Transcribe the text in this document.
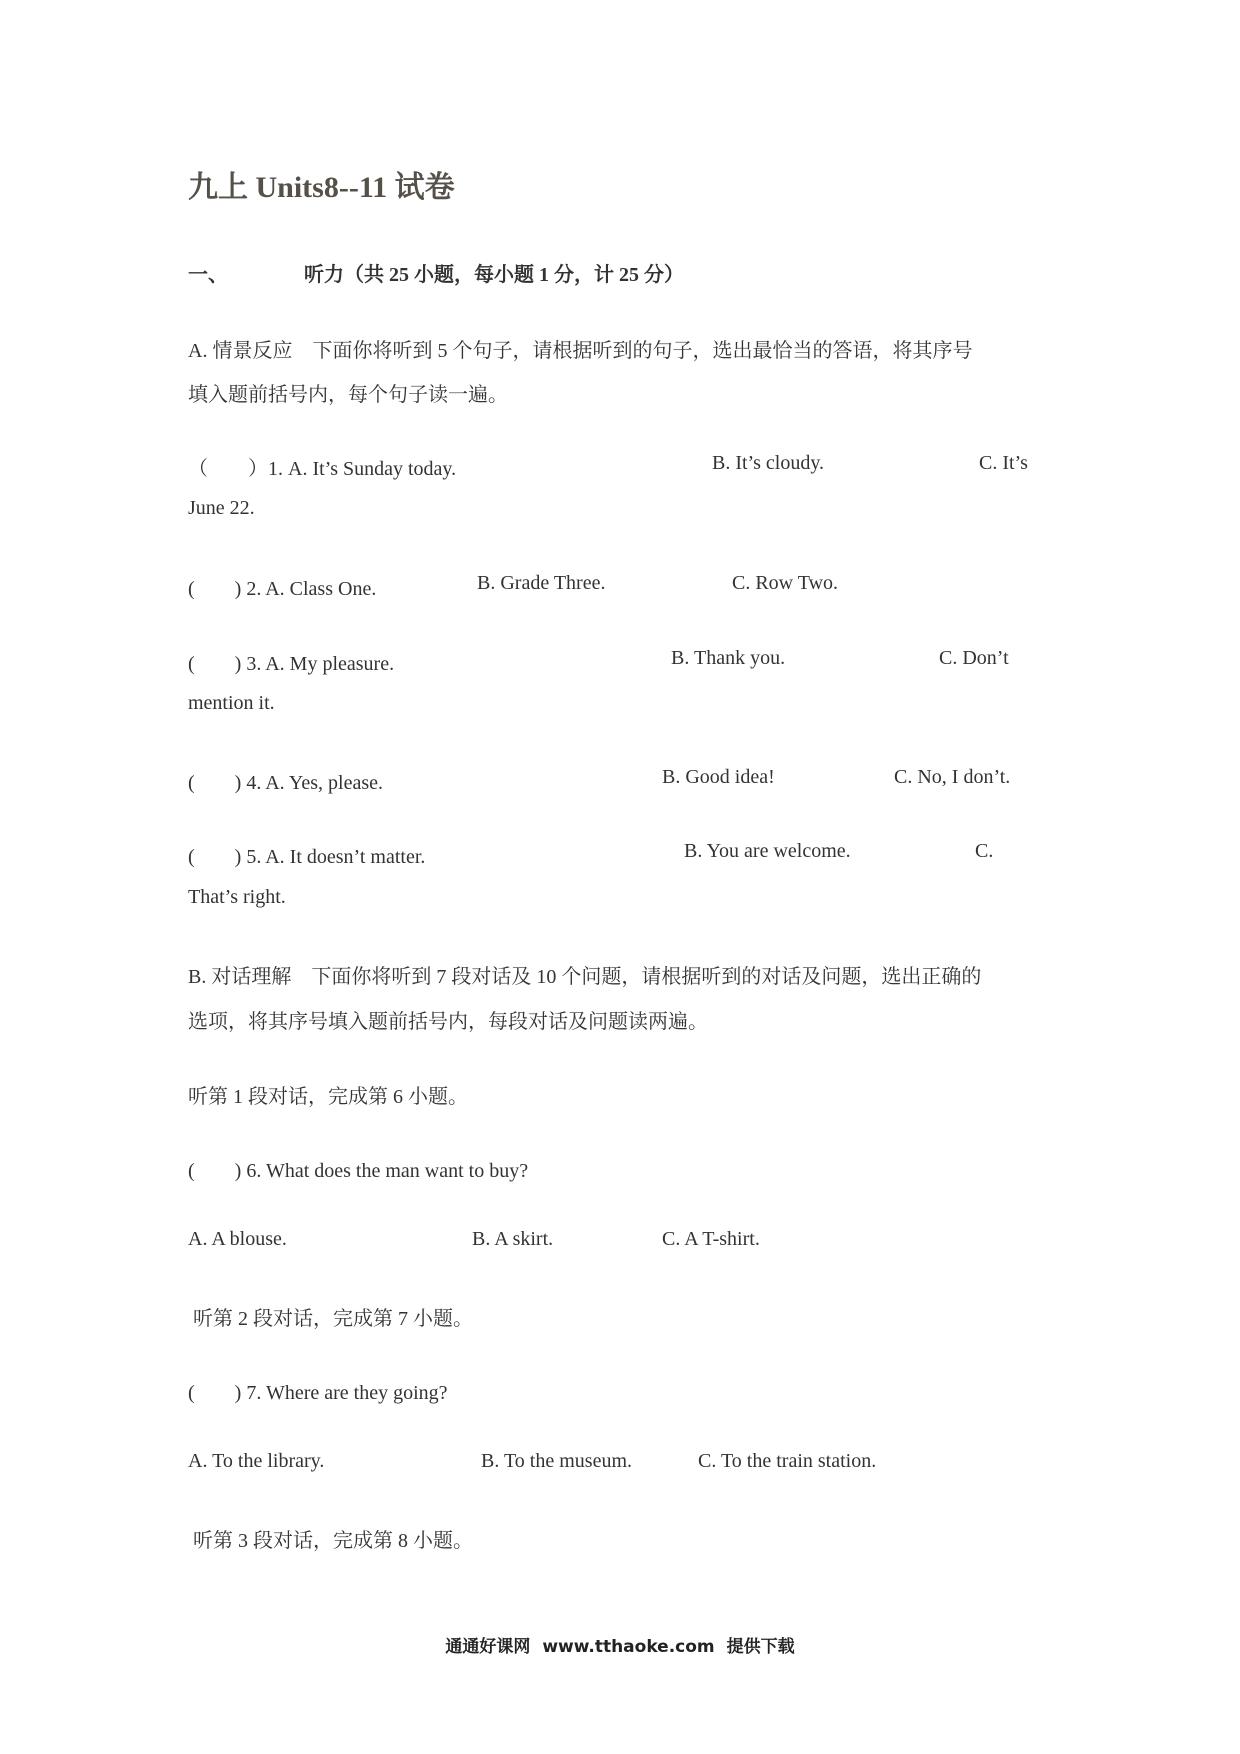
九上 Units8--11 试卷
一、	听力（共 25 小题，每小题 1 分，计 25 分）
A. 情景反应　下面你将听到 5 个句子，请根据听到的句子，选出最恰当的答语，将其序号
填入题前括号内，每个句子读一遍。
（　　）1. A. It’s Sunday today.	B. It’s cloudy.	C. It’s
June 22.
(　　) 2. A. Class One.	B. Grade Three.	C. Row Two.
(　　) 3. A. My pleasure.	B. Thank you.	C. Don’t
mention it.
(　　) 4. A. Yes, please.	B. Good idea!	C. No, I don’t.
(　　) 5. A. It doesn’t matter.	B. You are welcome.	C.
That’s right.
B. 对话理解　下面你将听到 7 段对话及 10 个问题，请根据听到的对话及问题，选出正确的
选项，将其序号填入题前括号内，每段对话及问题读两遍。
听第 1 段对话，完成第 6 小题。
(　　) 6. What does the man want to buy?
A. A blouse.	B. A skirt.	C. A T-shirt.
听第 2 段对话，完成第 7 小题。
(　　) 7. Where are they going?
A. To the library.	B. To the museum.	C. To the train station.
听第 3 段对话，完成第 8 小题。
通通好课网 www.tthaoke.com 提供下载
